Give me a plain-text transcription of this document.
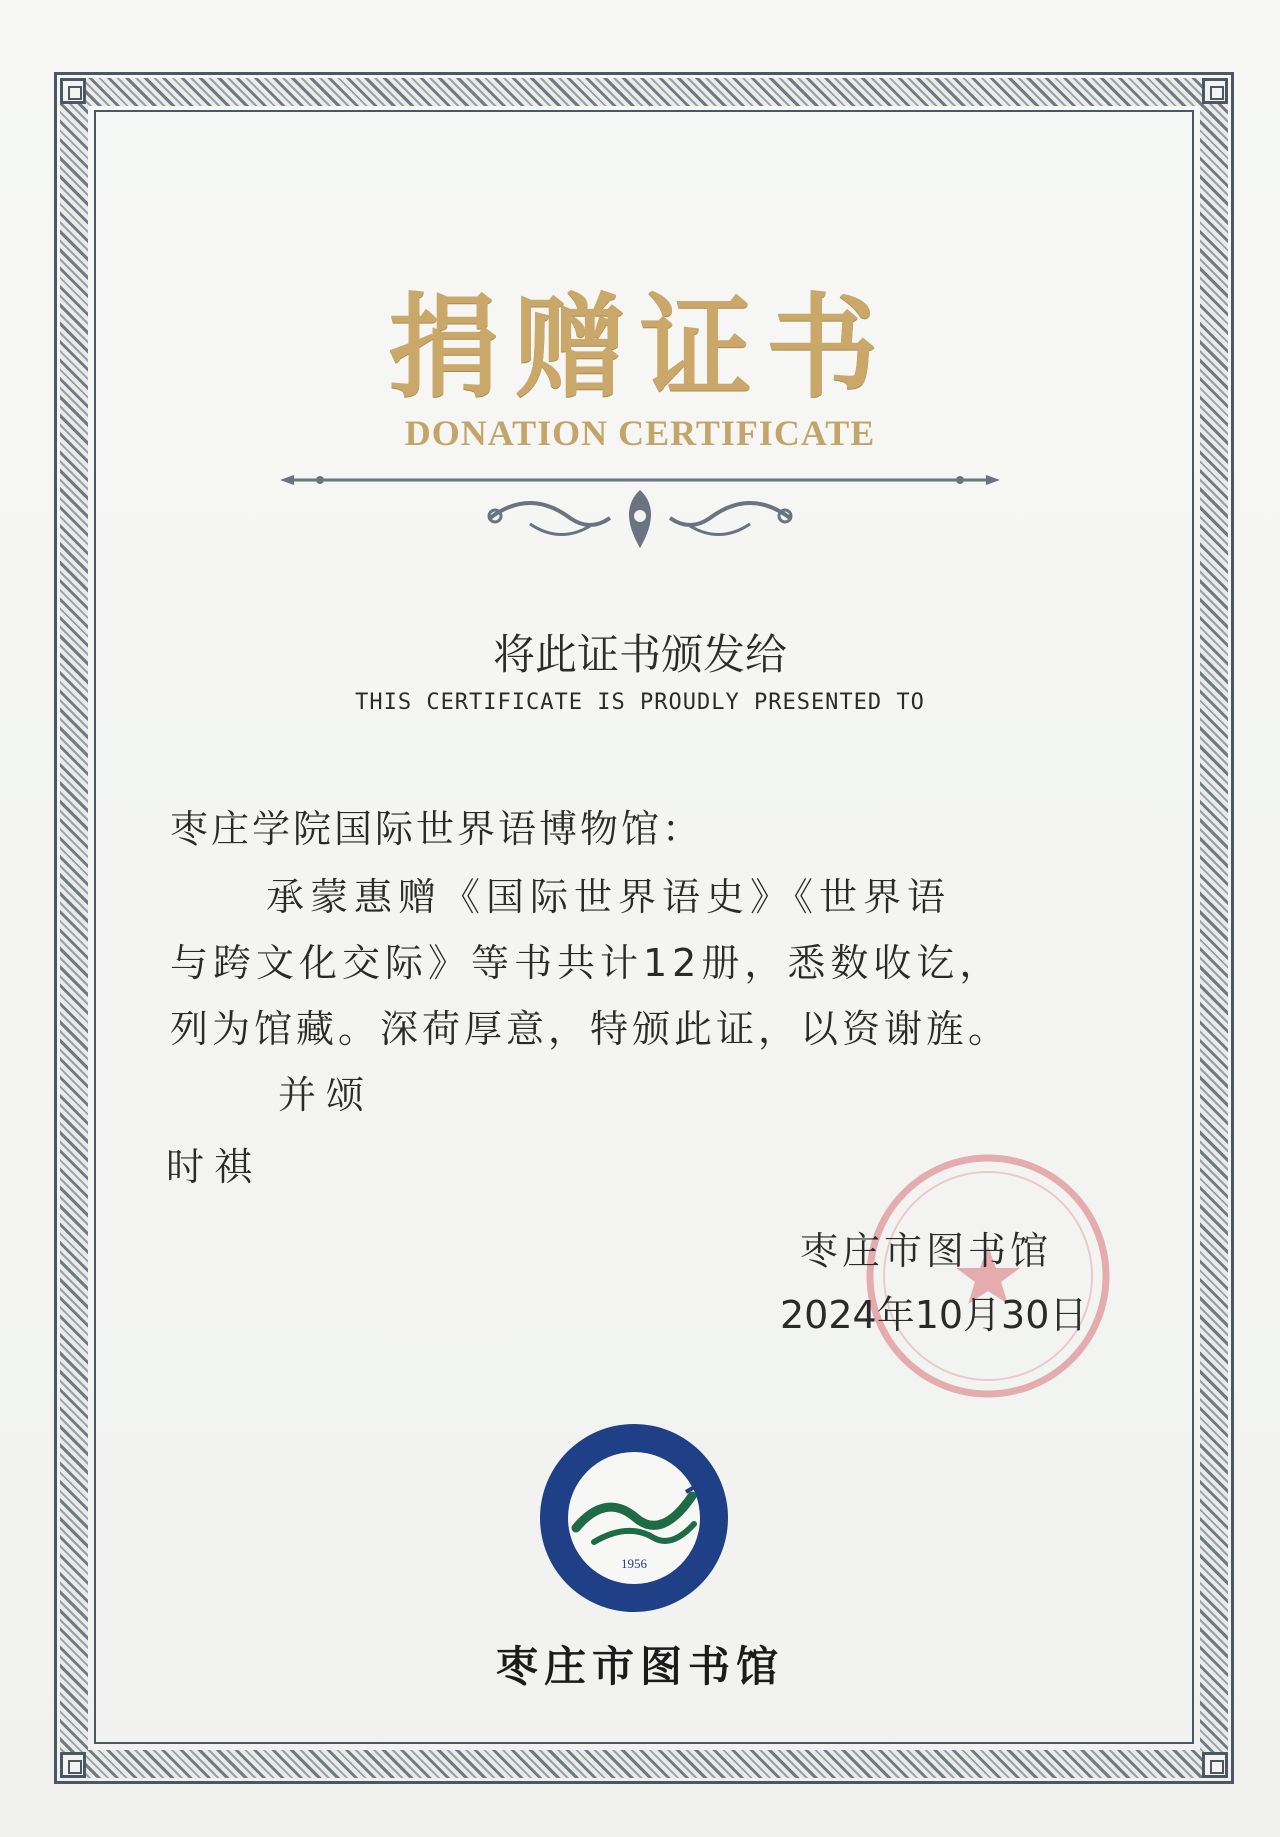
捐赠证书
DONATION CERTIFICATE
将此证书颁发给
THIS CERTIFICATE IS PROUDLY PRESENTED TO
枣庄学院国际世界语博物馆：
承蒙惠赠《国际世界语史》《世界语
与跨文化交际》等书共计12册，悉数收讫，
列为馆藏。深荷厚意，特颁此证，以资谢旌。
并颂
时祺
枣庄市图书馆
2024年10月30日
1956
枣庄市图书馆
